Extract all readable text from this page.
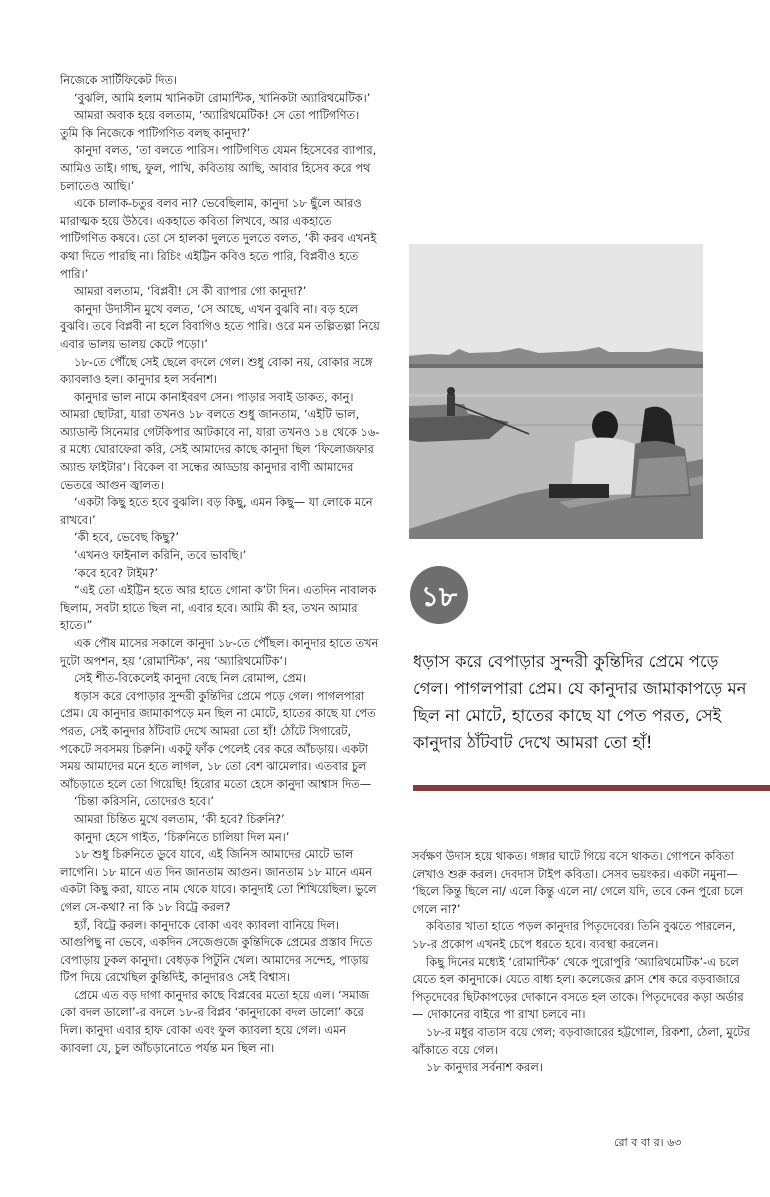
নিজেকে সার্টিফিকেট দিত।

‘বুঝলি, আমি হলাম খানিকটা রোমান্টিক, খানিকটা অ্যারিথমেটিক।’

আমরা অবাক হয়ে বলতাম, ‘অ্যারিথমেটিক! সে তো পাটিগণিত। তুমি কি নিজেকে পাটিগণিত বলছ কানুদা?’

কানুদা বলত, ‘তা বলতে পারিস। পাটিগণিত যেমন হিসেবের ব্যাপার, আমিও তাই। গাছ, ফুল, পাখি, কবিতায় আছি, আবার হিসেব করে পথ চলাতেও আছি।’

একে চালাক-চতুর বলব না? ভেবেছিলাম, কানুদা ১৮ ছুঁলে আরও মারাত্মক হয়ে উঠবে। একহাতে কবিতা লিখবে, আর একহাতে পাটিগণিত কষবে। তো সে হালকা দুলতে দুলতে বলত, ‘কী করব এখনই কথা দিতে পারছি না। রিচিং এইট্টিন কবিও হতে পারি, বিপ্লবীও হতে পারি।’

আমরা বলতাম, ‘বিপ্লবী! সে কী ব্যাপার গো কানুদা?’

কানুদা উদাসীন মুখে বলত, ‘সে আছে, এখন বুঝবি না। বড় হলে বুঝবি। তবে বিপ্লবী না হলে বিবাগিও হতে পারি। ওরে মন তল্পিতল্পা নিয়ে এবার ভালয় ভালয় কেটে পড়ো।’

১৮-তে পৌঁছে সেই ছেলে বদলে গেল। শুধু বোকা নয়, বোকার সঙ্গে ক্যাবলাও হল। কানুদার হল সর্বনাশ।

কানুদার ভাল নামে কানাইবরণ সেন। পাড়ার সবাই ডাকত, কানু। আমরা ছোটরা, যারা তখনও ১৮ বলতে শুধু জানতাম, ‘এইটি ভাল, অ্যাডাল্ট সিনেমার গেটকিপার আটকাবে না, যারা তখনও ১৪ থেকে ১৬-র মধ্যে ঘোরাফেরা করি, সেই আমাদের কাছে কানুদা ছিল ‘ফিলোজফার অ্যান্ড ফাইটার’। বিকেল বা সন্ধের আড্ডায় কানুদার বাণী আমাদের ভেতরে আগুন জ্বালত।

‘একটা কিছু হতে হবে বুঝলি। বড় কিছু, এমন কিছু— যা লোকে মনে রাখবে।’

‘কী হবে, ভেবেছ কিছু?’

‘এখনও ফাইনাল করিনি, তবে ভাবছি।’

‘কবে হবে? টাইম?’

“এই তো এইট্টিন হতে আর হাতে গোনা ক’টা দিন। এতদিন নাবালক ছিলাম, সবটা হাতে ছিল না, এবার হবে। আমি কী হব, তখন আমার হাতে।”

এক পৌষ মাসের সকালে কানুদা ১৮-তে পৌঁছল। কানুদার হাতে তখন দুটো অপশন, হয় ‘রোমান্টিক’, নয় ‘অ্যারিথমেটিক’।

সেই শীত-বিকেলেই কানুদা বেছে নিল রোমান্স, প্রেম।

ধড়াস করে বেপাড়ার সুন্দরী কুন্তিদির প্রেমে পড়ে গেল। পাগলপারা প্রেম। যে কানুদার জামাকাপড়ে মন ছিল না মোটে, হাতের কাছে যা পেত পরত, সেই কানুদার ঠাঁটবাট দেখে আমরা তো হাঁ! ঠোঁটে সিগারেট, পকেটে সবসময় চিরুনি। একটু ফাঁক পেলেই বের করে আঁচড়ায়। একটা সময় আমাদের মনে হতে লাগল, ১৮ তো বেশ ঝামেলার। এতবার চুল আঁচড়াতে হলে তো গিয়েছি! হিরোর মতো হেসে কানুদা আশ্বাস দিত—

‘চিন্তা করিসনি, তোদেরও হবে।’

আমরা চিন্তিত মুখে বলতাম, ‘কী হবে? চিরুনি?’

কানুদা হেসে গাইত, ‘চিরুনিতে চালিয়া দিল মন।’

১৮ শুধু চিরুনিতে ডুবে যাবে, এই জিনিস আমাদের মোটে ভাল লাগেনি। ১৮ মানে এত দিন জানতাম আগুন। জানতাম ১৮ মানে এমন একটা কিছু করা, যাতে নাম থেকে যাবে। কানুদাই তো শিখিয়েছিল। ভুলে গেল সে-কথা? না কি ১৮ বিট্রে করল?

হ্যাঁ, বিট্রে করল। কানুদাকে বোকা এবং ক্যাবলা বানিয়ে দিল। আগুপিছু না ভেবে, একদিন সেজেগুজে কুন্তিদিকে প্রেমের প্রস্তাব দিতে বেপাড়ায় ঢুকল কানুদা। বেধড়ক পিটুনি খেল। আমাদের সন্দেহ, পাড়ায় টিপ দিয়ে রেখেছিল কুন্তিদিই, কানুদারও সেই বিশ্বাস।

প্রেমে এত বড় দাগা কানুদার কাছে বিপ্লবের মতো হয়ে এল। ‘সমাজ কো বদল ডালো’-র বদলে ১৮-র বিপ্লব ‘কানুদাকো বদল ডালো’ করে দিল। কানুদা এবার হাফ বোকা এবং ফুল ক্যাবলা হয়ে গেল। এমন ক্যাবলা যে, চুল আঁচড়ানোতে পর্যন্ত মন ছিল না।

১৮
ধড়াস করে বেপাড়ার সুন্দরী কুন্তিদির প্রেমে পড়ে গেল। পাগলপারা প্রেম। যে কানুদার জামাকাপড়ে মন ছিল না মোটে, হাতের কাছে যা পেত পরত, সেই কানুদার ঠাঁটবাট দেখে আমরা তো হাঁ!

সর্বক্ষণ উদাস হয়ে থাকত। গঙ্গার ঘাটে গিয়ে বসে থাকত। গোপনে কবিতা লেখাও শুরু করল। দেবদাস টাইপ কবিতা। সেসব ভয়ংকর। একটা নমুনা— ‘ছিলে কিন্তু ছিলে না/ এলে কিন্তু এলে না/ গেলে যদি, তবে কেন পুরো চলে গেলে না?’

কবিতার খাতা হাতে পড়ল কানুদার পিতৃদেবের। তিনি বুঝতে পারলেন, ১৮-র প্রকোপ এখনই চেপে ধরতে হবে। ব্যবস্থা করলেন।

কিছু দিনের মধ্যেই ‘রোমান্টিক’ থেকে পুরোপুরি ‘অ্যারিথমেটিক’-এ চলে যেতে হল কানুদাকে। যেতে বাধ্য হল। কলেজের ক্লাস শেষ করে বড়বাজারে পিতৃদেবের ছিটকাপড়ের দোকানে বসতে হল তাকে। পিতৃদেবের কড়া অর্ডার— দোকানের বাইরে পা রাখা চলবে না।

১৮-র মধুর বাতাস বয়ে গেল; বড়বাজারের হট্টগোল, রিকশা, ঠেলা, মুটের ঝাঁকাতে বয়ে গেল।

১৮ কানুদার সর্বনাশ করল।

রো ব বা র। ৬৩
